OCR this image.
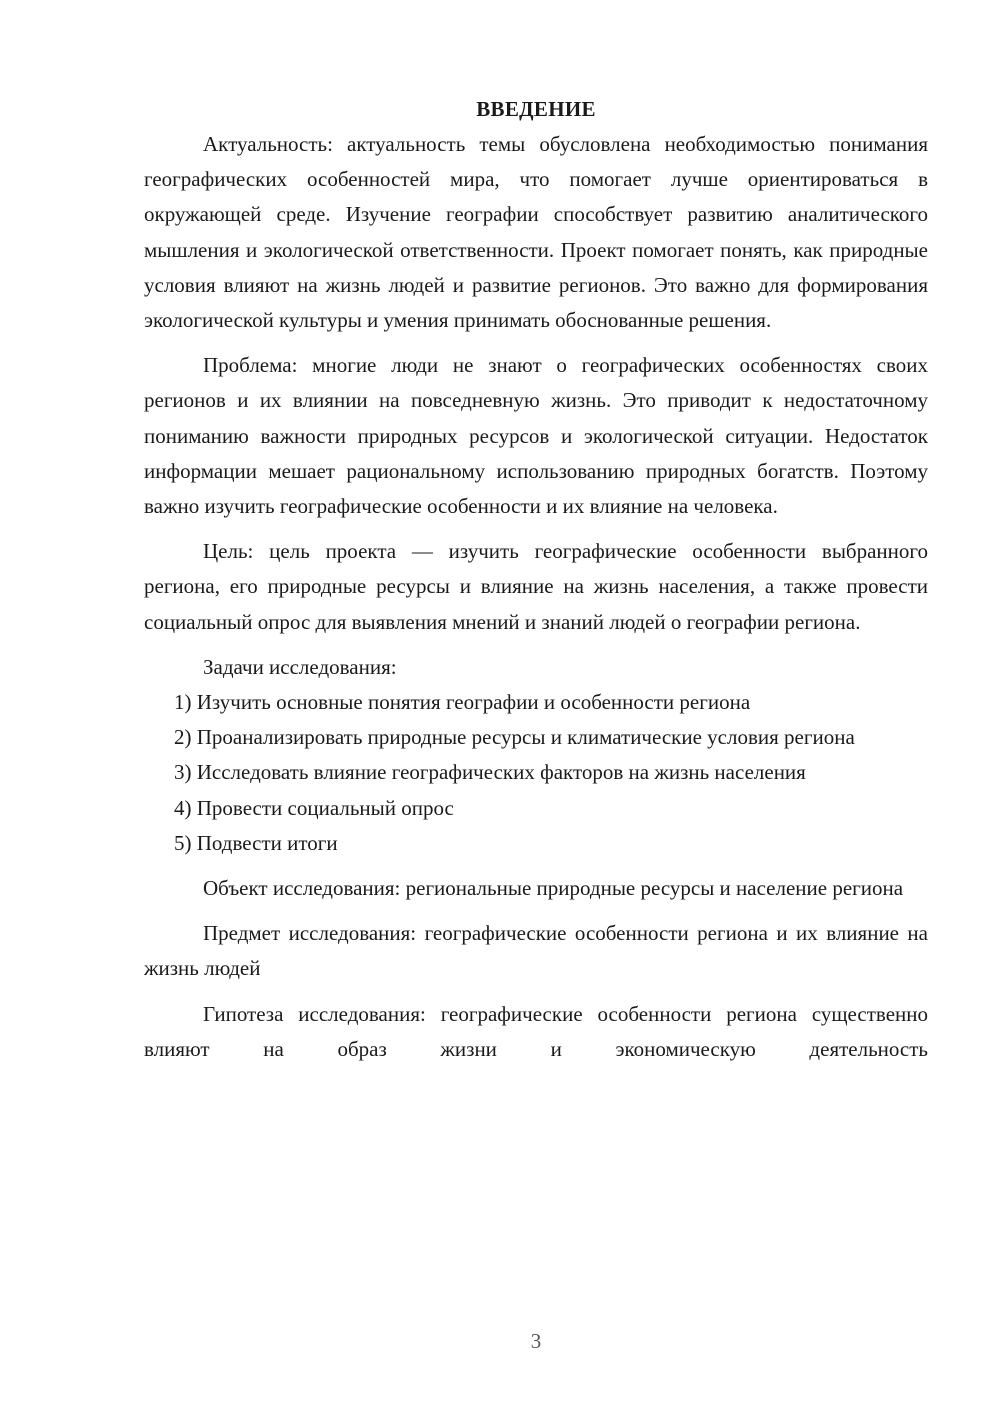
ВВЕДЕНИЕ

Актуальность: актуальность темы обусловлена необходимостью понимания географических особенностей мира, что помогает лучше ориентироваться в окружающей среде. Изучение географии способствует развитию аналитического мышления и экологической ответственности. Проект помогает понять, как природные условия влияют на жизнь людей и развитие регионов. Это важно для формирования экологической культуры и умения принимать обоснованные решения.

Проблема: многие люди не знают о географических особенностях своих регионов и их влиянии на повседневную жизнь. Это приводит к недостаточному пониманию важности природных ресурсов и экологической ситуации. Недостаток информации мешает рациональному использованию природных богатств. Поэтому важно изучить географические особенности и их влияние на человека.

Цель: цель проекта — изучить географические особенности выбранного региона, его природные ресурсы и влияние на жизнь населения, а также провести социальный опрос для выявления мнений и знаний людей о географии региона.

Задачи исследования:

1) Изучить основные понятия географии и особенности региона

2) Проанализировать природные ресурсы и климатические условия региона

3) Исследовать влияние географических факторов на жизнь населения

4) Провести социальный опрос

5) Подвести итоги

Объект исследования: региональные природные ресурсы и население региона

Предмет исследования: географические особенности региона и их влияние на жизнь людей

Гипотеза исследования: географические особенности региона существенно влияют на образ жизни и экономическую деятельность

3
